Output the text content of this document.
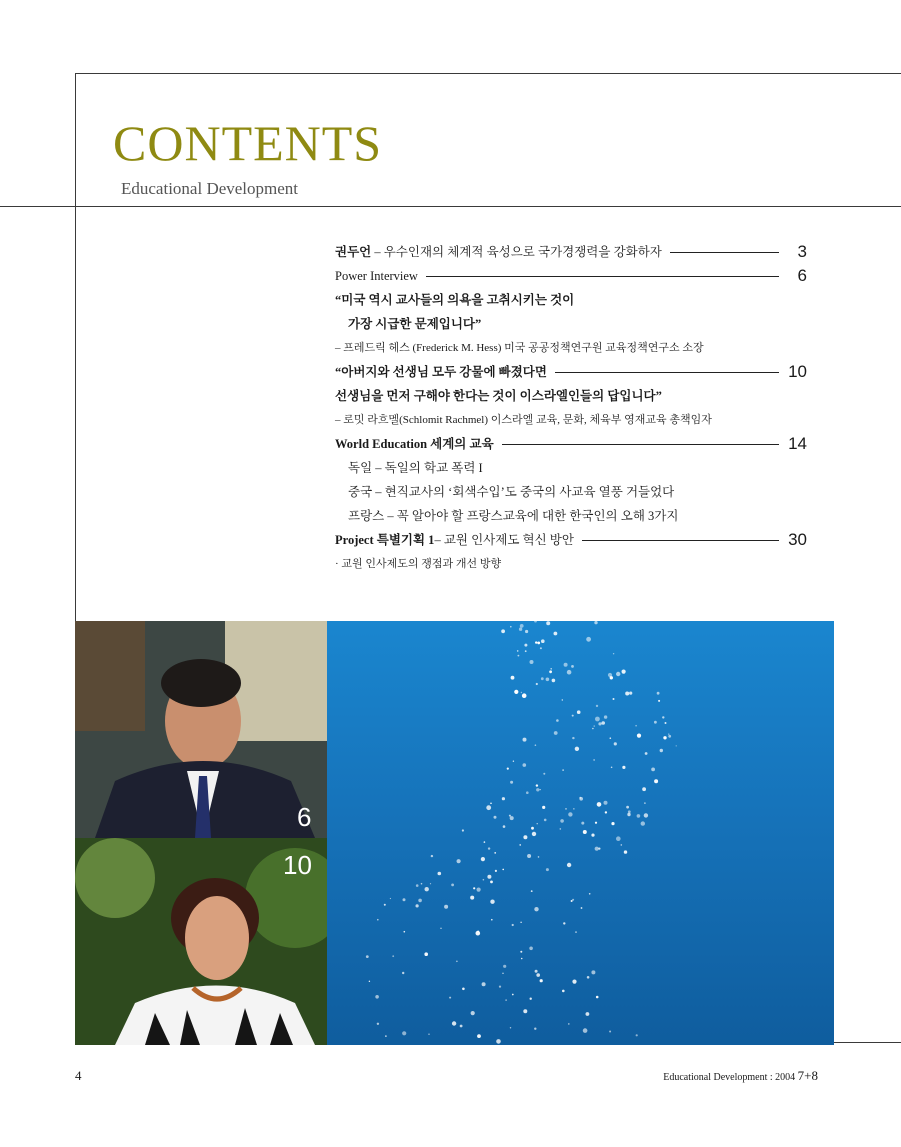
CONTENTS
Educational Development
권두언 – 우수인재의 체계적 육성으로 국가경쟁력을 강화하자	3
Power Interview	6
“미국 역시 교사들의 의욕을 고취시키는 것이
가장 시급한 문제입니다”
– 프레드릭 헤스 (Frederick M. Hess) 미국 공공정책연구원 교육정책연구소 소장
“아버지와 선생님 모두 강물에 빠졌다면	10
선생님을 먼저 구해야 한다는 것이 이스라엘인들의 답입니다”
– 로밋 라흐멜(Schlomit Rachmel) 이스라엘 교육, 문화, 체육부 영재교육 총책임자
World Education 세계의 교육	14
독일 – 독일의 학교 폭력 I
중국 – 현직교사의 ‘회색수입’도 중국의 사교육 열풍 거들었다
프랑스 – 꼭 알아야 할 프랑스교육에 대한 한국인의 오해 3가지
Project 특별기획 1– 교원 인사제도 혁신 방안	30
· 교원 인사제도의 쟁점과 개선 방향
6
10
4	Educational Development : 2004 7+8
